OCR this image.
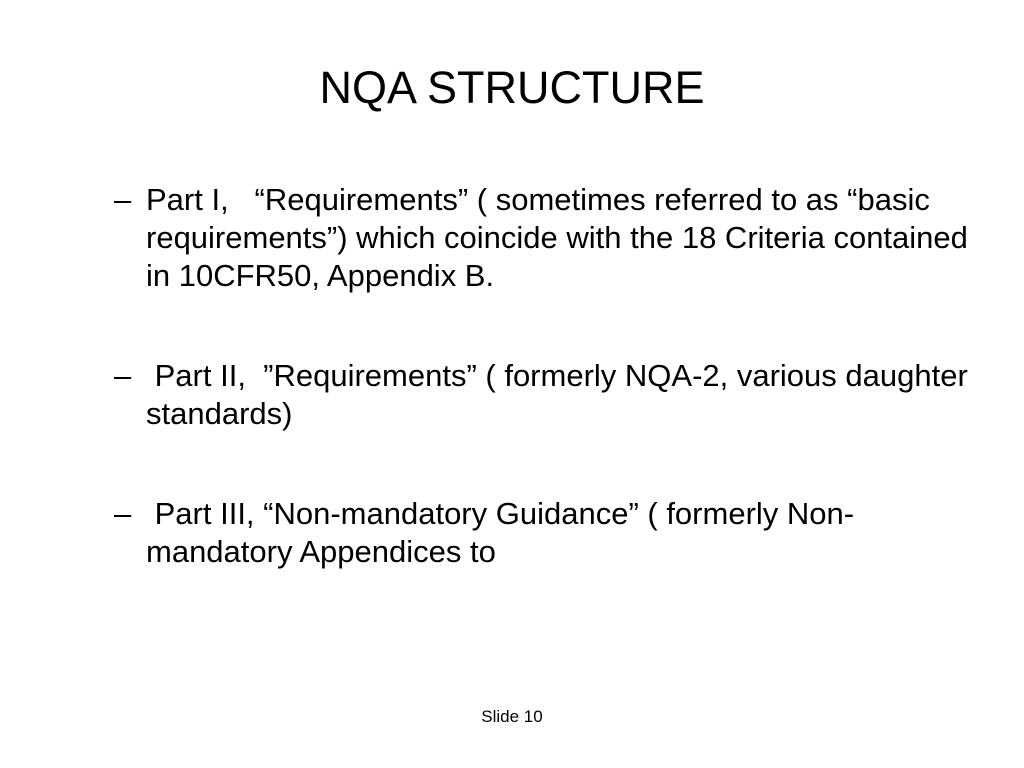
NQA STRUCTURE
– Part I,   “Requirements” ( sometimes referred to as “basic requirements”) which coincide with the 18 Criteria contained in 10CFR50, Appendix B.
– Part II,  ”Requirements” ( formerly NQA-2, various daughter standards)
– Part III, “Non-mandatory Guidance” ( formerly Non-mandatory Appendices to
Slide 10
